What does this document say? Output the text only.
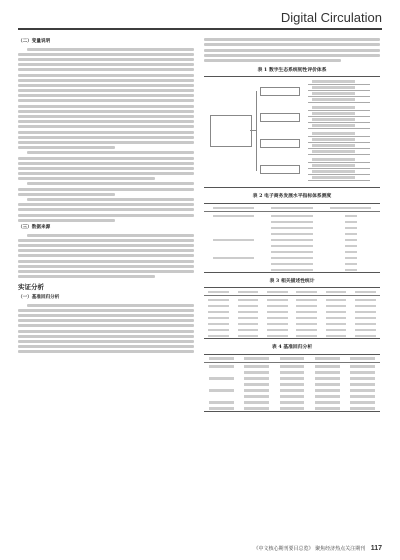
Digital Circulation
（二）变量说明
（三）数据来源
实证分析
（一）基准回归分析
表 1 数字生态系统韧性评价体系
表 2 电子商务发展水平指标体系测度
表 3 相关描述性统计
表 4 基准回归分析
《中文核心期刊要目总览》 聚焦经济热点关注期刊 117
